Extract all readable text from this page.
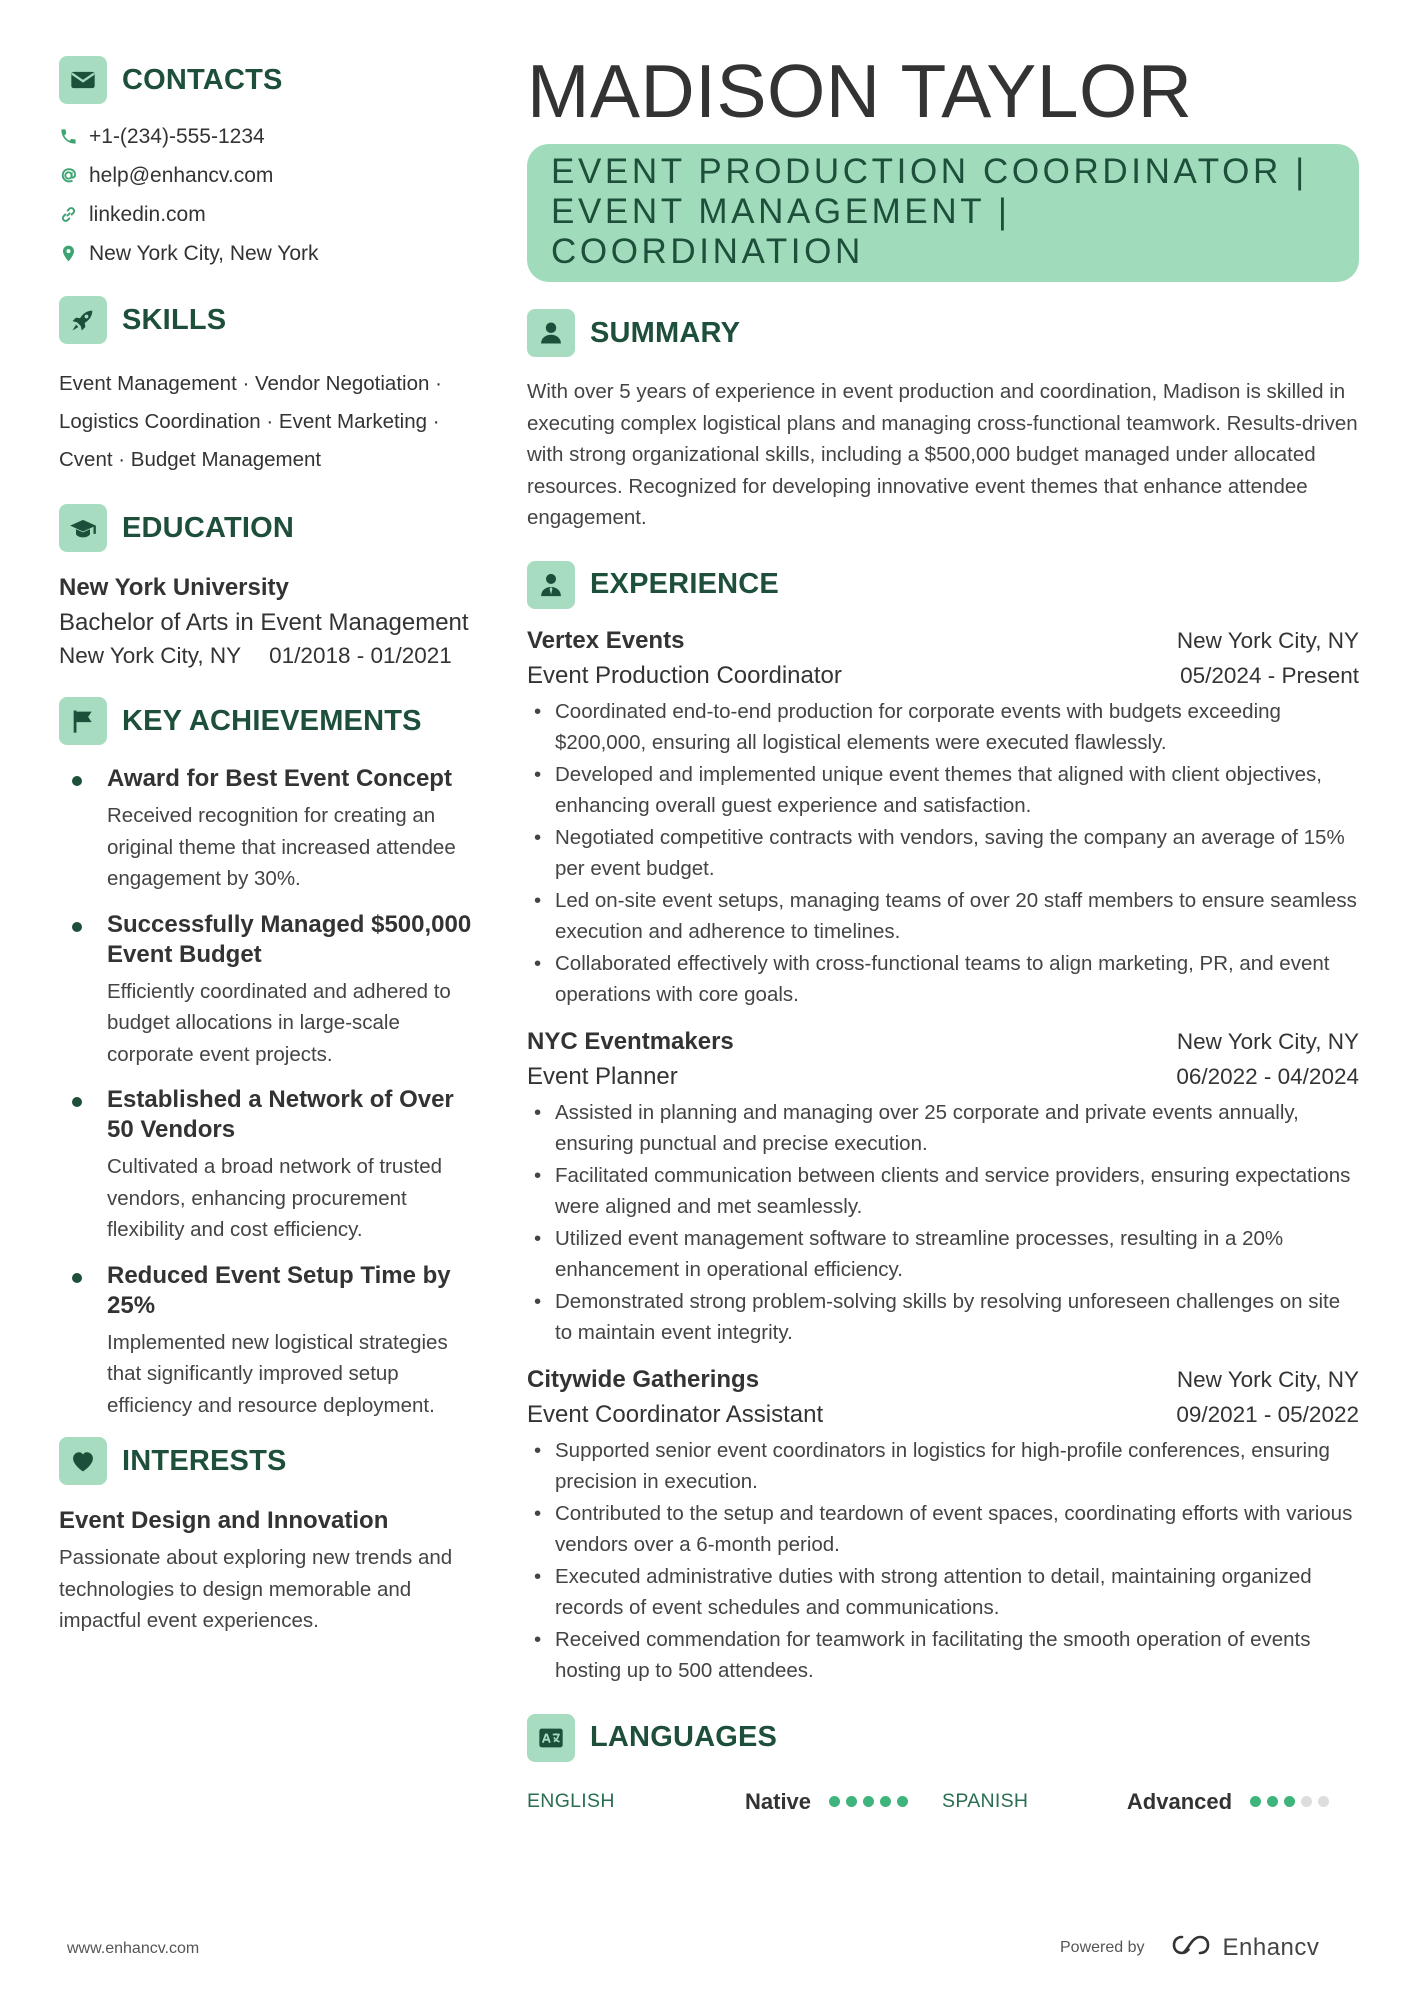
CONTACTS
+1-(234)-555-1234
help@enhancv.com
linkedin.com
New York City, New York
SKILLS
Event Management · Vendor Negotiation ·
Logistics Coordination · Event Marketing ·
Cvent · Budget Management
EDUCATION
New York University
Bachelor of Arts in Event Management
New York City, NY 01/2018 - 01/2021
KEY ACHIEVEMENTS
Award for Best Event Concept
Received recognition for creating an original theme that increased attendee engagement by 30%.
Successfully Managed $500,000 Event Budget
Efficiently coordinated and adhered to budget allocations in large-scale corporate event projects.
Established a Network of Over 50 Vendors
Cultivated a broad network of trusted vendors, enhancing procurement flexibility and cost efficiency.
Reduced Event Setup Time by 25%
Implemented new logistical strategies that significantly improved setup efficiency and resource deployment.
INTERESTS
Event Design and Innovation
Passionate about exploring new trends and technologies to design memorable and impactful event experiences.
MADISON TAYLOR
EVENT PRODUCTION COORDINATOR |
EVENT MANAGEMENT | COORDINATION
SUMMARY
With over 5 years of experience in event production and coordination, Madison is skilled in executing complex logistical plans and managing cross-functional teamwork. Results-driven with strong organizational skills, including a $500,000 budget managed under allocated resources. Recognized for developing innovative event themes that enhance attendee engagement.
EXPERIENCE
Vertex Events	New York City, NY
Event Production Coordinator	05/2024 - Present
• Coordinated end-to-end production for corporate events with budgets exceeding $200,000, ensuring all logistical elements were executed flawlessly.
• Developed and implemented unique event themes that aligned with client objectives, enhancing overall guest experience and satisfaction.
• Negotiated competitive contracts with vendors, saving the company an average of 15% per event budget.
• Led on-site event setups, managing teams of over 20 staff members to ensure seamless execution and adherence to timelines.
• Collaborated effectively with cross-functional teams to align marketing, PR, and event operations with core goals.
NYC Eventmakers	New York City, NY
Event Planner	06/2022 - 04/2024
• Assisted in planning and managing over 25 corporate and private events annually, ensuring punctual and precise execution.
• Facilitated communication between clients and service providers, ensuring expectations were aligned and met seamlessly.
• Utilized event management software to streamline processes, resulting in a 20% enhancement in operational efficiency.
• Demonstrated strong problem-solving skills by resolving unforeseen challenges on site to maintain event integrity.
Citywide Gatherings	New York City, NY
Event Coordinator Assistant	09/2021 - 05/2022
• Supported senior event coordinators in logistics for high-profile conferences, ensuring precision in execution.
• Contributed to the setup and teardown of event spaces, coordinating efforts with various vendors over a 6-month period.
• Executed administrative duties with strong attention to detail, maintaining organized records of event schedules and communications.
• Received commendation for teamwork in facilitating the smooth operation of events hosting up to 500 attendees.
LANGUAGES
ENGLISH	Native	SPANISH	Advanced
www.enhancv.com	Powered by	Enhancv
